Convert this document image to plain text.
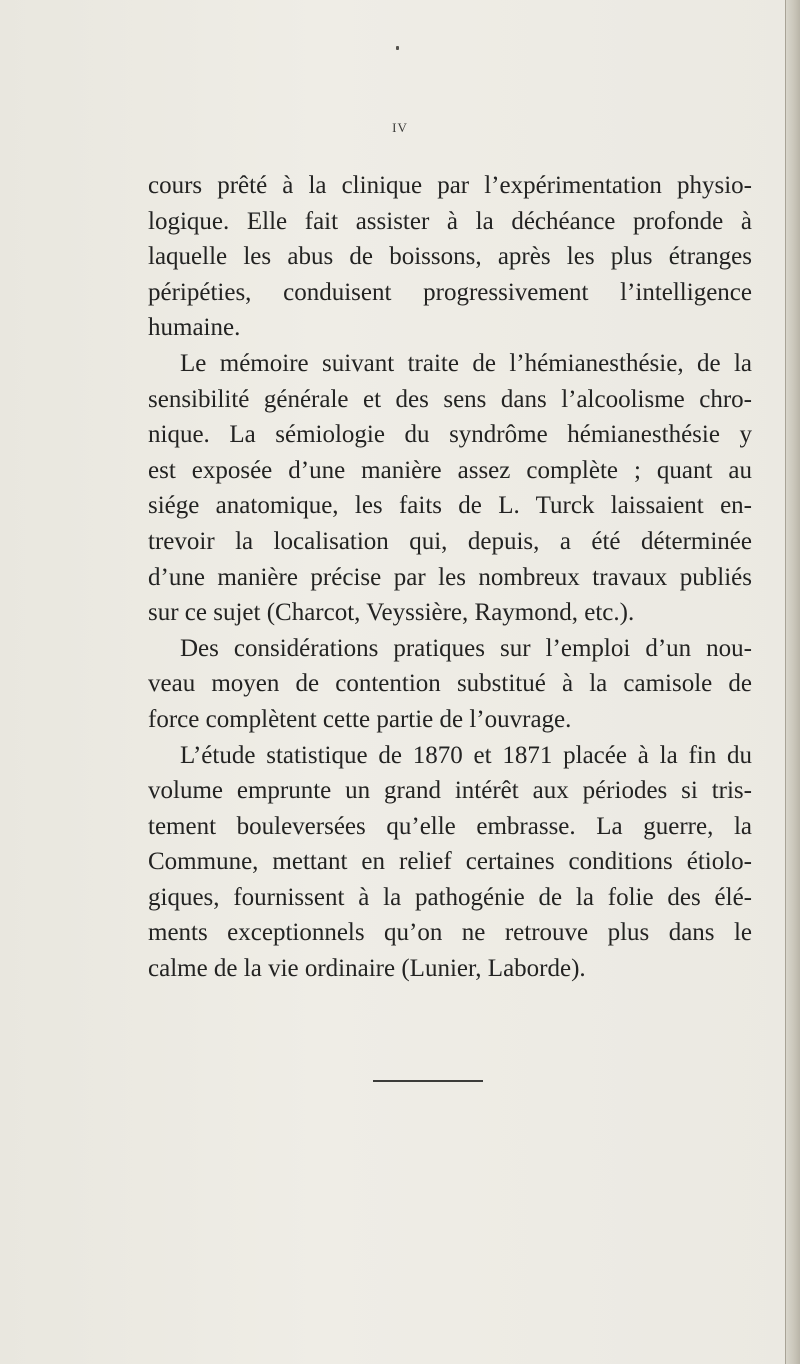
IV
cours prêté à la clinique par l’expérimentation physio-
logique. Elle fait assister à la déchéance profonde à
laquelle les abus de boissons, après les plus étranges
péripéties, conduisent progressivement l’intelligence
humaine.
Le mémoire suivant traite de l’hémianesthésie, de la
sensibilité générale et des sens dans l’alcoolisme chro-
nique. La sémiologie du syndrôme hémianesthésie y
est exposée d’une manière assez complète ; quant au
siége anatomique, les faits de L. Turck laissaient en-
trevoir la localisation qui, depuis, a été déterminée
d’une manière précise par les nombreux travaux publiés
sur ce sujet (Charcot, Veyssière, Raymond, etc.).
Des considérations pratiques sur l’emploi d’un nou-
veau moyen de contention substitué à la camisole de
force complètent cette partie de l’ouvrage.
L’étude statistique de 1870 et 1871 placée à la fin du
volume emprunte un grand intérêt aux périodes si tris-
tement bouleversées qu’elle embrasse. La guerre, la
Commune, mettant en relief certaines conditions étiolo-
giques, fournissent à la pathogénie de la folie des élé-
ments exceptionnels qu’on ne retrouve plus dans le
calme de la vie ordinaire (Lunier, Laborde).
